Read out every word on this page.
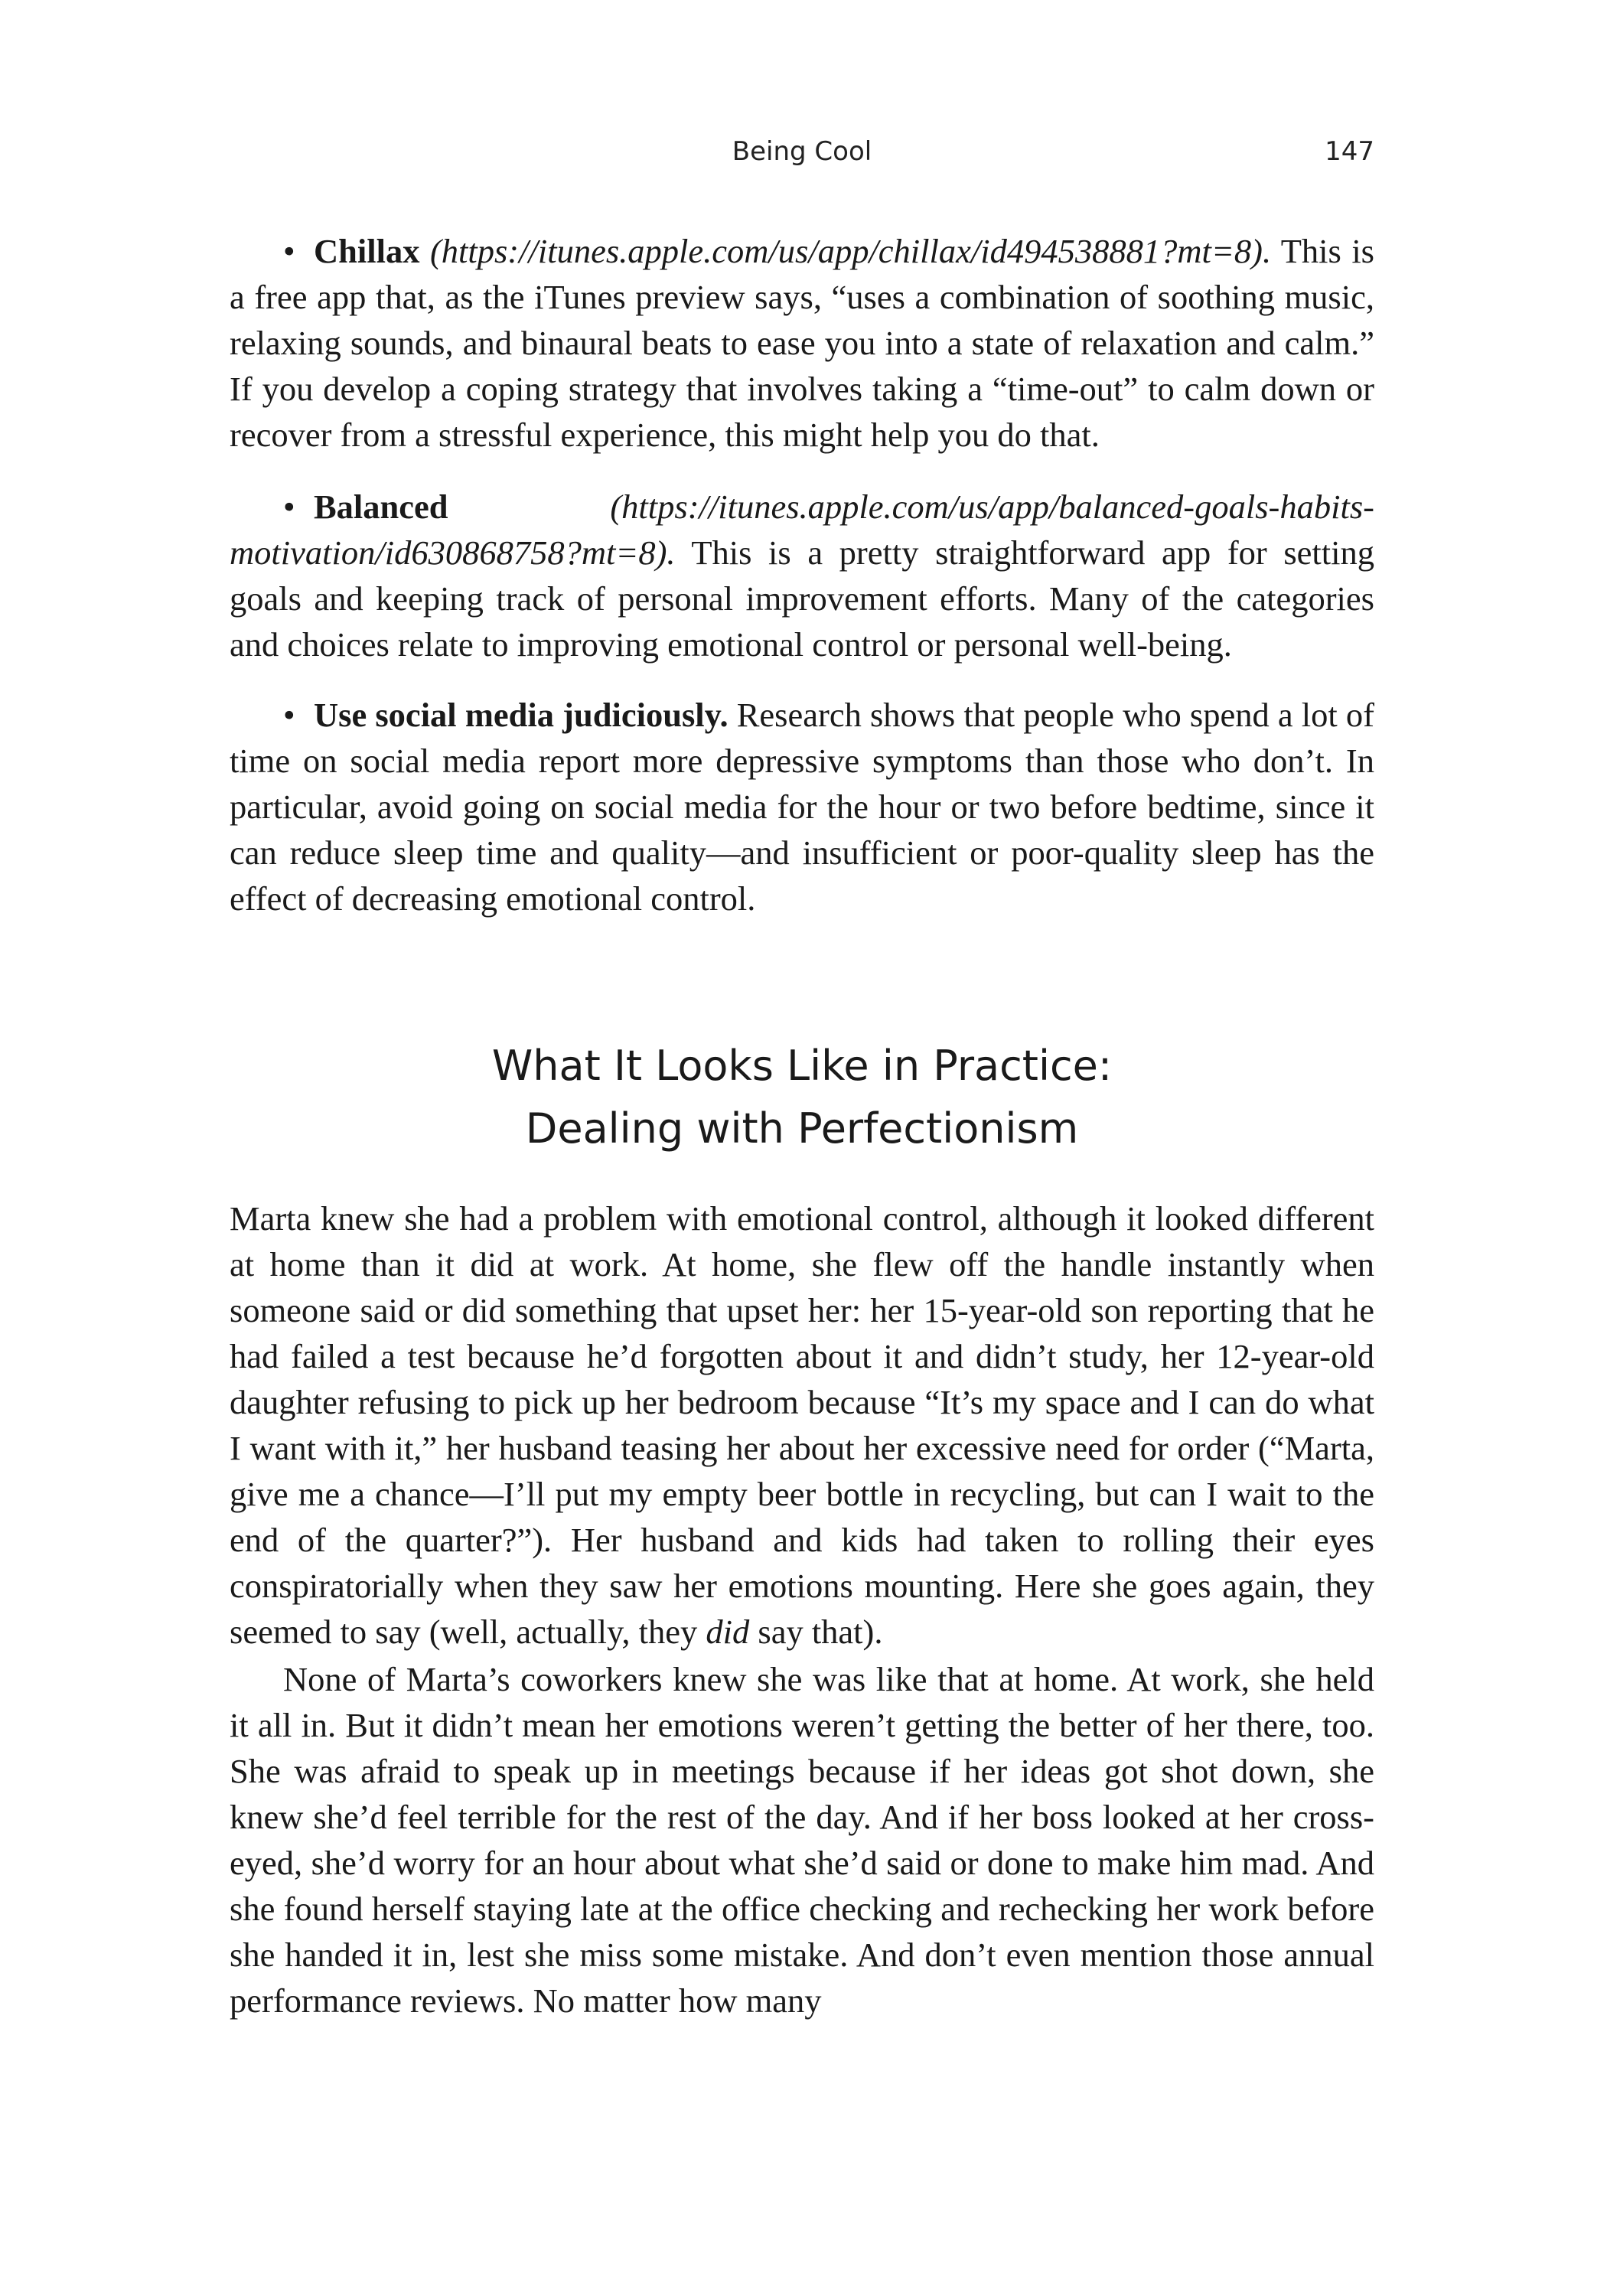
Being Cool	147

• Chillax (https://itunes.apple.com/us/app/chillax/id494538881?mt=8). This is a free app that, as the iTunes preview says, “uses a combination of soothing music, relaxing sounds, and binaural beats to ease you into a state of relaxation and calm.” If you develop a coping strategy that involves taking a “time-out” to calm down or recover from a stressful experience, this might help you do that.

• Balanced	(https://itunes.apple.com/us/app/balanced-goals-habits-motivation/id630868758?mt=8). This is a pretty straightforward app for setting goals and keeping track of personal improvement efforts. Many of the categories and choices relate to improving emotional control or personal well-being.

• Use social media judiciously. Research shows that people who spend a lot of time on social media report more depressive symptoms than those who don’t. In particular, avoid going on social media for the hour or two before bedtime, since it can reduce sleep time and quality—and insufficient or poor-quality sleep has the effect of decreasing emotional control.

What It Looks Like in Practice:
Dealing with Perfectionism

Marta knew she had a problem with emotional control, although it looked different at home than it did at work. At home, she flew off the handle instantly when someone said or did something that upset her: her 15-year-old son reporting that he had failed a test because he’d forgotten about it and didn’t study, her 12-year-old daughter refusing to pick up her bedroom because “It’s my space and I can do what I want with it,” her husband teasing her about her excessive need for order (“Marta, give me a chance—I’ll put my empty beer bottle in recycling, but can I wait to the end of the quarter?”). Her husband and kids had taken to rolling their eyes conspiratorially when they saw her emotions mounting. Here she goes again, they seemed to say (well, actually, they did say that).

None of Marta’s coworkers knew she was like that at home. At work, she held it all in. But it didn’t mean her emotions weren’t getting the better of her there, too. She was afraid to speak up in meetings because if her ideas got shot down, she knew she’d feel terrible for the rest of the day. And if her boss looked at her cross-eyed, she’d worry for an hour about what she’d said or done to make him mad. And she found herself staying late at the office checking and rechecking her work before she handed it in, lest she miss some mistake. And don’t even mention those annual performance reviews. No matter how many
